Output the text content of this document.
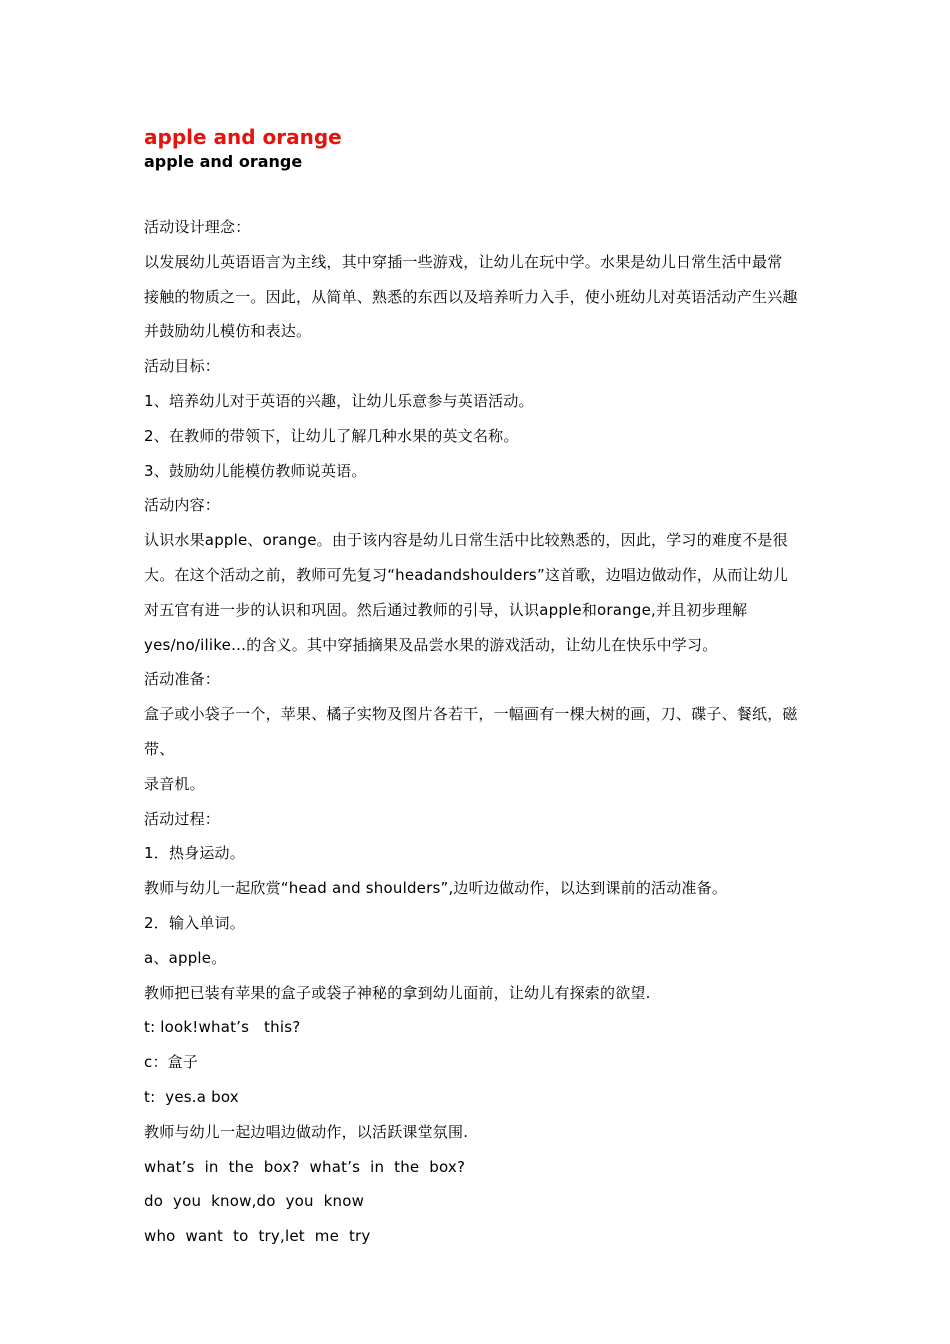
apple and orange
apple and orange

活动设计理念：

以发展幼儿英语语言为主线，其中穿插一些游戏，让幼儿在玩中学。水果是幼儿日常生活中最常

接触的物质之一。因此，从简单、熟悉的东西以及培养听力入手，使小班幼儿对英语活动产生兴趣

并鼓励幼儿模仿和表达。

活动目标：

1、培养幼儿对于英语的兴趣，让幼儿乐意参与英语活动。

2、在教师的带领下，让幼儿了解几种水果的英文名称。

3、鼓励幼儿能模仿教师说英语。

活动内容：

认识水果apple、orange。由于该内容是幼儿日常生活中比较熟悉的，因此，学习的难度不是很

大。在这个活动之前，教师可先复习“headandshoulders”这首歌，边唱边做动作，从而让幼儿

对五官有进一步的认识和巩固。然后通过教师的引导，认识apple和orange,并且初步理解

yes/no/ilike…的含义。其中穿插摘果及品尝水果的游戏活动，让幼儿在快乐中学习。

活动准备：

盒子或小袋子一个，苹果、橘子实物及图片各若干，一幅画有一棵大树的画，刀、碟子、餐纸，磁带、

录音机。

活动过程：

1．热身运动。

教师与幼儿一起欣赏“head and shoulders”,边听边做动作，以达到课前的活动准备。

2．输入单词。

a、apple。

教师把已装有苹果的盒子或袋子神秘的拿到幼儿面前，让幼儿有探索的欲望.

t: look!what’s   this?

c：盒子

t:  yes.a box

教师与幼儿一起边唱边做动作，以活跃课堂氛围.

what’s  in  the  box?  what’s  in  the  box?

do  you  know,do  you  know

who  want  to  try,let  me  try
